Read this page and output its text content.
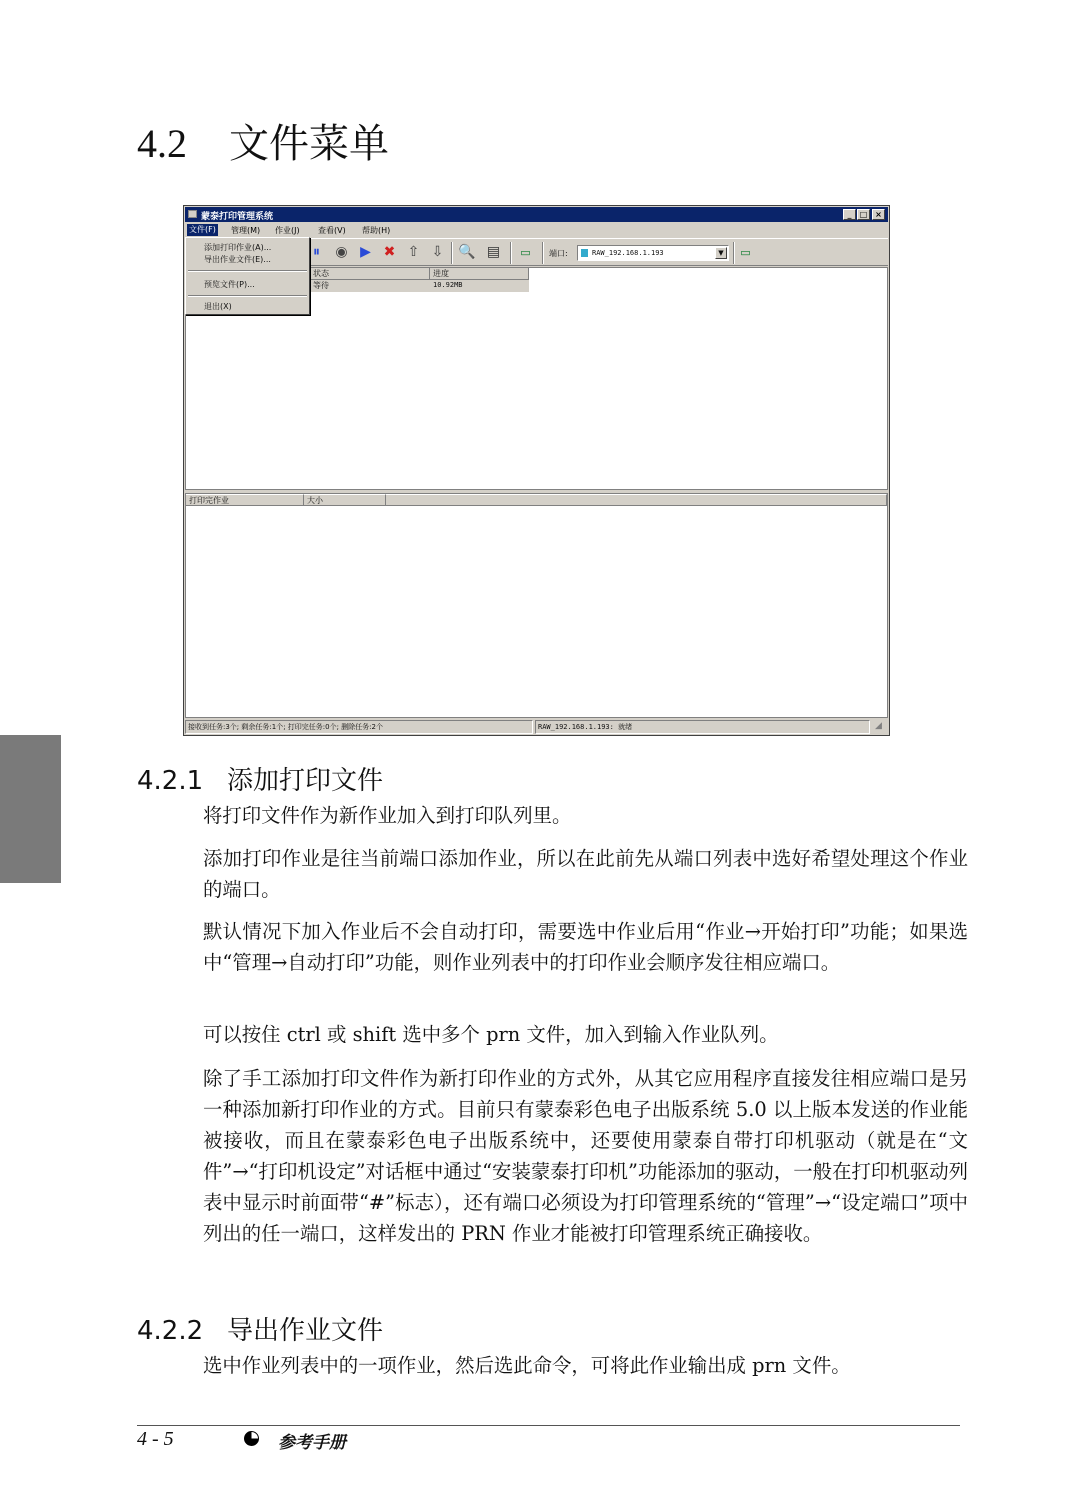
4.2 文件菜单
蒙泰打印管理系统	_	□ ×
文件(F) 管理(M) 作业(J) 查看(V) 帮助(H)
⏸	◉ ▶ ✖ ⇧ ⇩ 🔍 ▤ ▭	端口:	RAW_192.168.1.193	▼	▭
状态	进度
等待	10.92MB
打印完作业	大小
接收到任务:3个; 剩余任务:1个; 打印完任务:0个; 删除任务:2个	RAW_192.168.1.193: 就绪	◢
添加打印作业(A)...
导出作业文件(E)...
预览文件(P)...
退出(X)
4.2.1 添加打印文件

将打印文件作为新作业加入到打印队列里。

添加打印作业是往当前端口添加作业，所以在此前先从端口列表中选好希望处理这个作业的端口。

默认情况下加入作业后不会自动打印，需要选中作业后用“作业→开始打印”功能；如果选中“管理→自动打印”功能，则作业列表中的打印作业会顺序发往相应端口。

可以按住 ctrl 或 shift 选中多个 prn 文件，加入到输入作业队列。

除了手工添加打印文件作为新打印作业的方式外，从其它应用程序直接发往相应端口是另一种添加新打印作业的方式。目前只有蒙泰彩色电子出版系统 5.0 以上版本发送的作业能被接收，而且在蒙泰彩色电子出版系统中，还要使用蒙泰自带打印机驱动（就是在“文件”→“打印机设定”对话框中通过“安装蒙泰打印机”功能添加的驱动，一般在打印机驱动列表中显示时前面带“#”标志），还有端口必须设为打印管理系统的“管理”→“设定端口”项中列出的任一端口，这样发出的 PRN 作业才能被打印管理系统正确接收。

4.2.2 导出作业文件

选中作业列表中的一项作业，然后选此命令，可将此作业输出成 prn 文件。

4 - 5	参考手册
